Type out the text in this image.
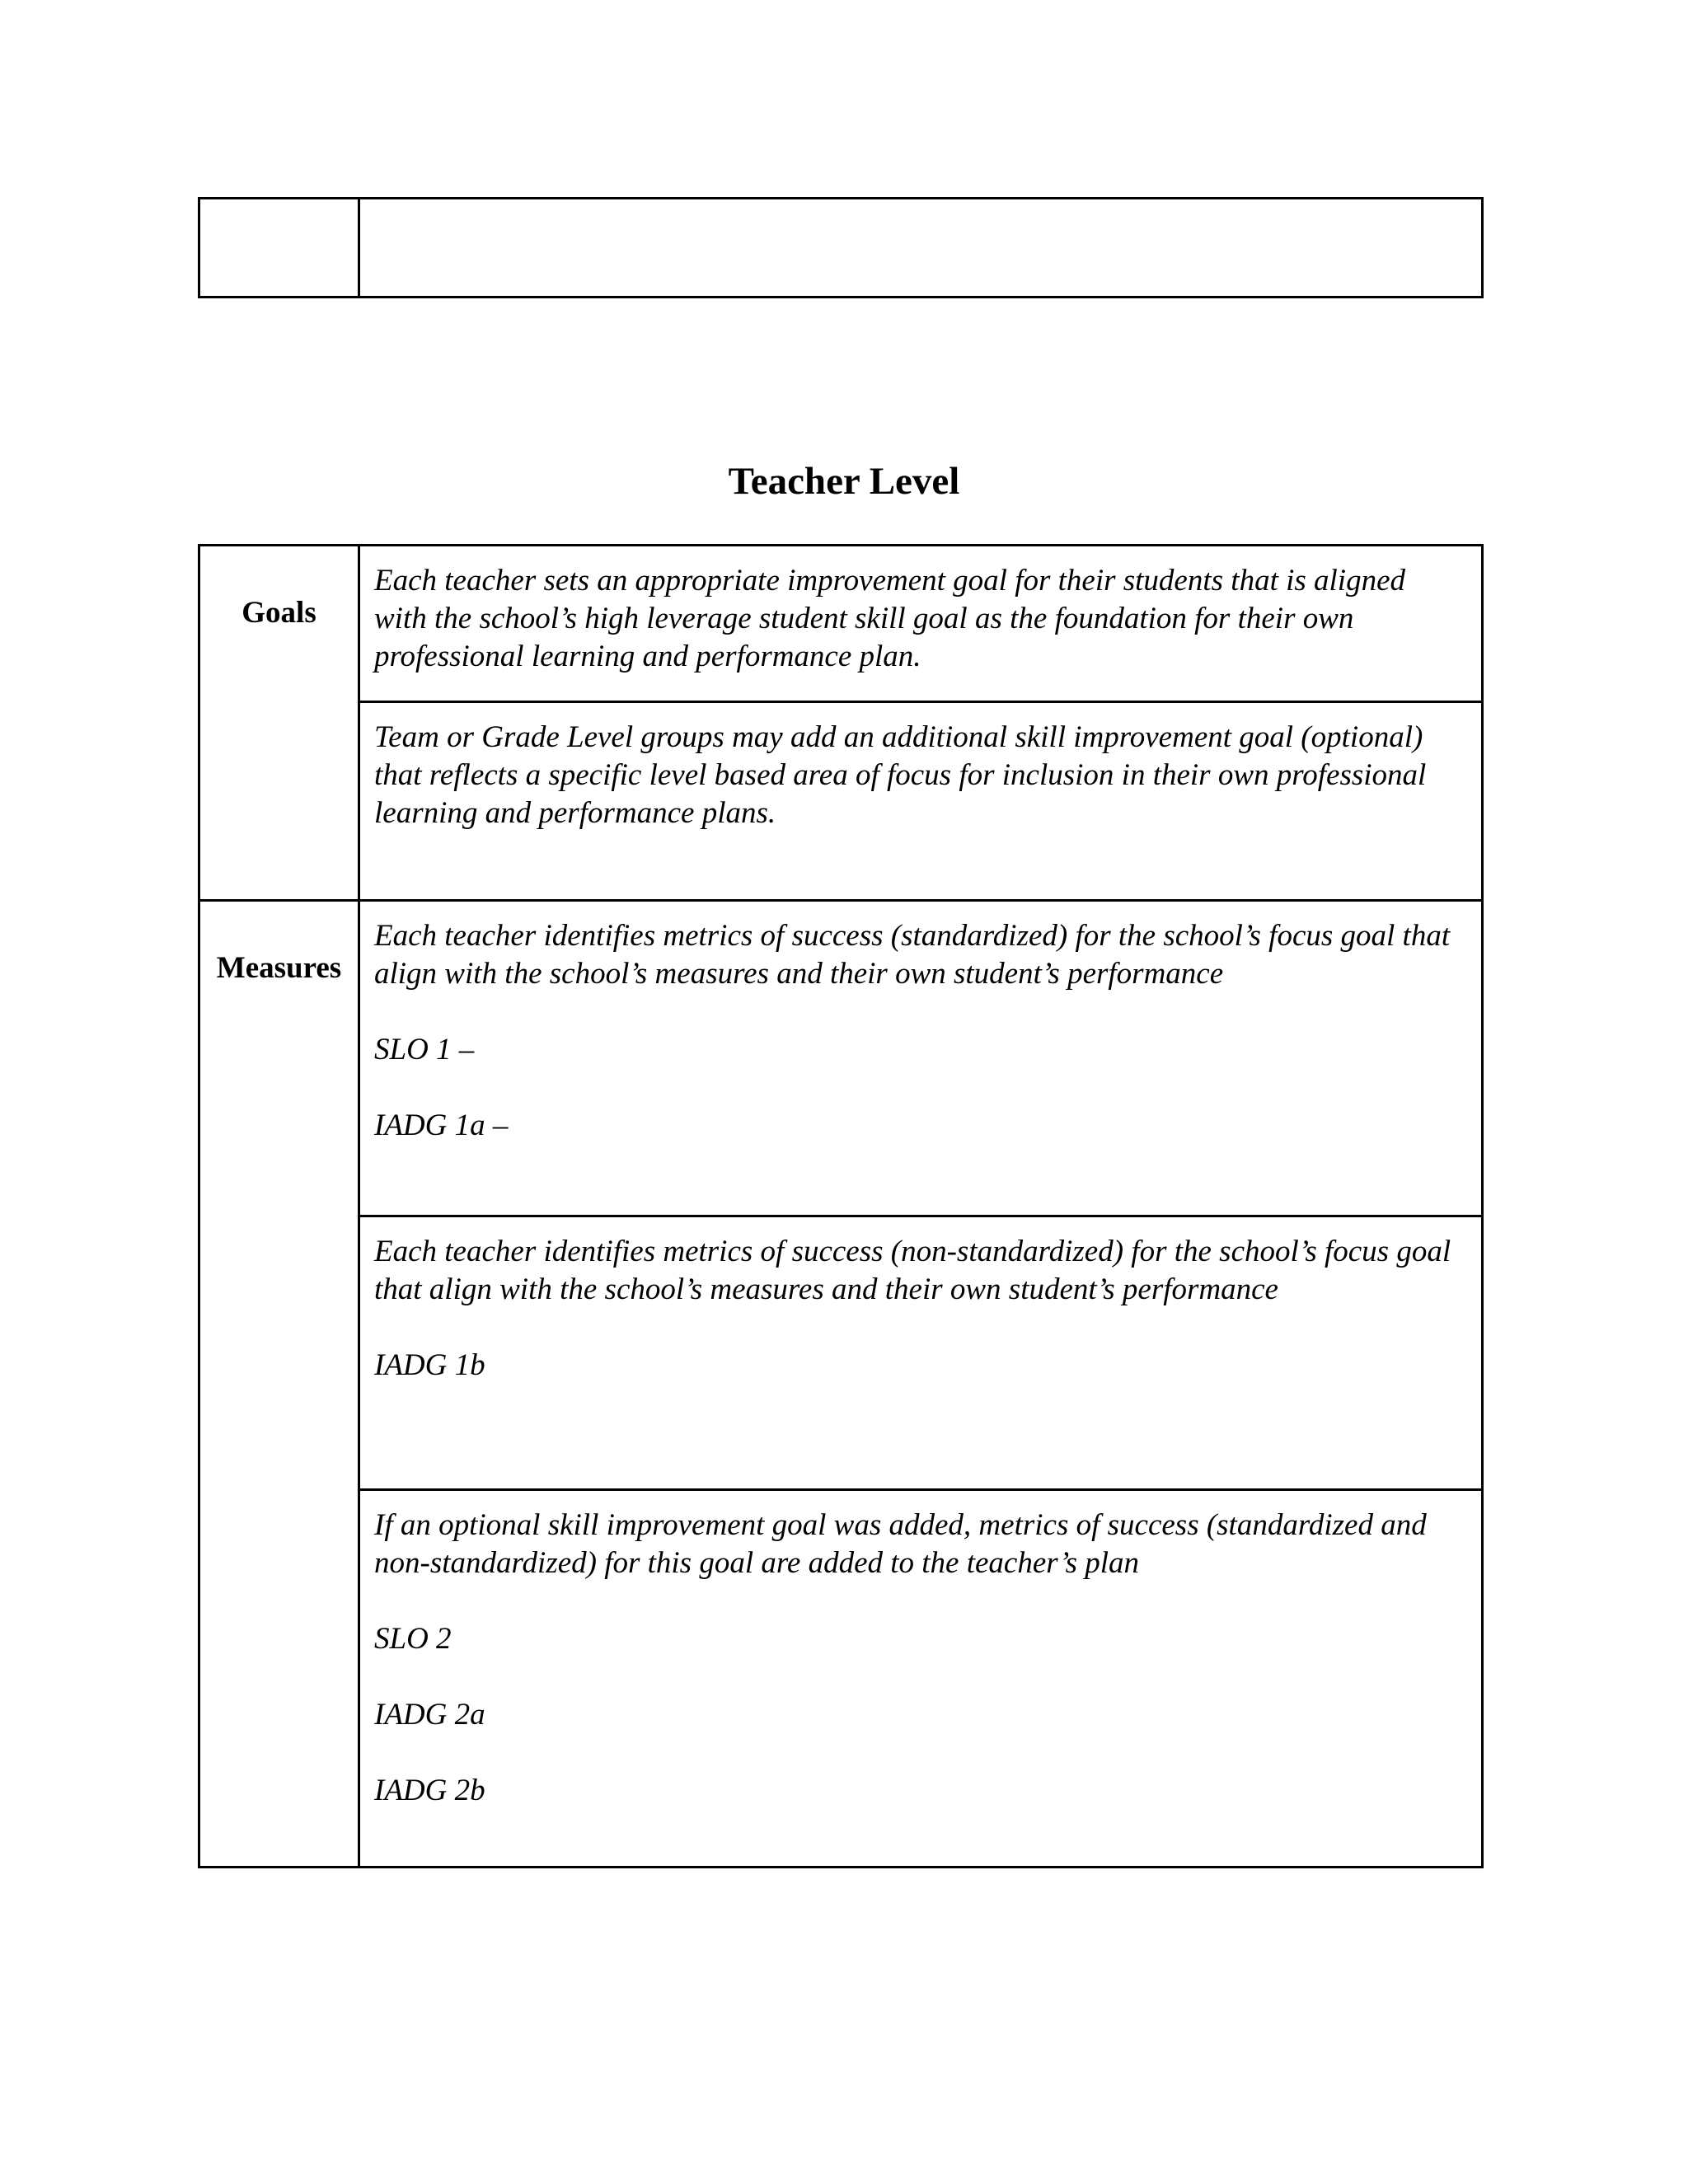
Teacher Level
Goals	Each teacher sets an appropriate improvement goal for their students that is aligned with the school’s high leverage student skill goal as the foundation for their own professional learning and performance plan.

	Team or Grade Level groups may add an additional skill improvement goal (optional) that reflects a specific level based area of focus for inclusion in their own professional learning and performance plans.

Measures	Each teacher identifies metrics of success (standardized) for the school’s focus goal that align with the school’s measures and their own student’s performance

SLO 1 –

IADG 1a –

	Each teacher identifies metrics of success (non-standardized) for the school’s focus goal that align with the school’s measures and their own student’s performance

IADG 1b

	If an optional skill improvement goal was added, metrics of success (standardized and non-standardized) for this goal are added to the teacher’s plan

SLO 2

IADG 2a

IADG 2b
